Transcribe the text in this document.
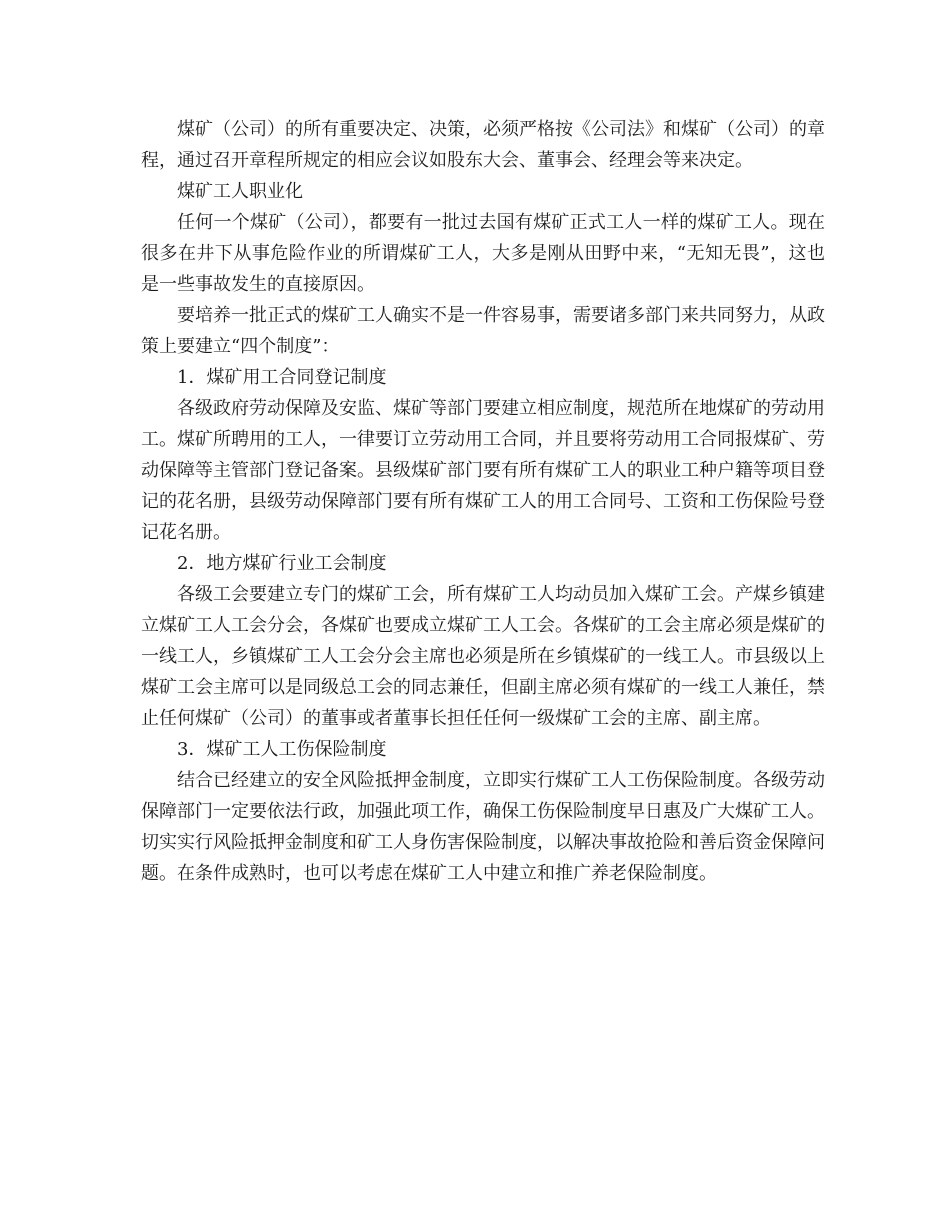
煤矿（公司）的所有重要决定、决策，必须严格按《公司法》和煤矿（公司）的章程，通过召开章程所规定的相应会议如股东大会、董事会、经理会等来决定。

煤矿工人职业化

任何一个煤矿（公司），都要有一批过去国有煤矿正式工人一样的煤矿工人。现在很多在井下从事危险作业的所谓煤矿工人，大多是刚从田野中来，“无知无畏”，这也是一些事故发生的直接原因。

要培养一批正式的煤矿工人确实不是一件容易事，需要诸多部门来共同努力，从政策上要建立“四个制度”：

1．煤矿用工合同登记制度

各级政府劳动保障及安监、煤矿等部门要建立相应制度，规范所在地煤矿的劳动用工。煤矿所聘用的工人，一律要订立劳动用工合同，并且要将劳动用工合同报煤矿、劳动保障等主管部门登记备案。县级煤矿部门要有所有煤矿工人的职业工种户籍等项目登记的花名册，县级劳动保障部门要有所有煤矿工人的用工合同号、工资和工伤保险号登记花名册。

2．地方煤矿行业工会制度

各级工会要建立专门的煤矿工会，所有煤矿工人均动员加入煤矿工会。产煤乡镇建立煤矿工人工会分会，各煤矿也要成立煤矿工人工会。各煤矿的工会主席必须是煤矿的一线工人，乡镇煤矿工人工会分会主席也必须是所在乡镇煤矿的一线工人。市县级以上煤矿工会主席可以是同级总工会的同志兼任，但副主席必须有煤矿的一线工人兼任，禁止任何煤矿（公司）的董事或者董事长担任任何一级煤矿工会的主席、副主席。

3．煤矿工人工伤保险制度

结合已经建立的安全风险抵押金制度，立即实行煤矿工人工伤保险制度。各级劳动保障部门一定要依法行政，加强此项工作，确保工伤保险制度早日惠及广大煤矿工人。切实实行风险抵押金制度和矿工人身伤害保险制度，以解决事故抢险和善后资金保障问题。在条件成熟时，也可以考虑在煤矿工人中建立和推广养老保险制度。
